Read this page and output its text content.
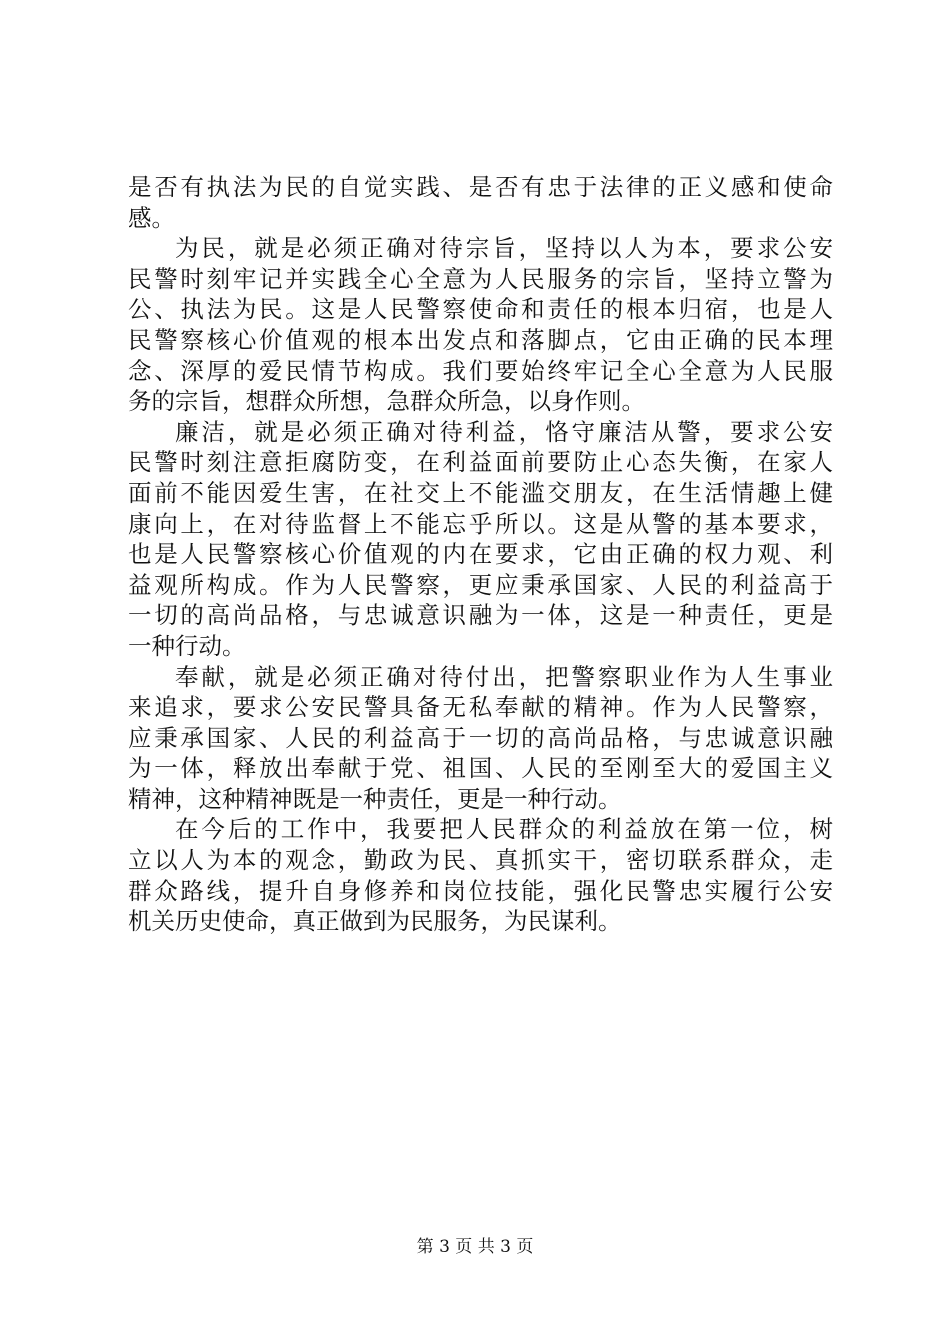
是否有执法为民的自觉实践、是否有忠于法律的正义感和使命
感。
为民，就是必须正确对待宗旨，坚持以人为本，要求公安
民警时刻牢记并实践全心全意为人民服务的宗旨，坚持立警为
公、执法为民。这是人民警察使命和责任的根本归宿，也是人
民警察核心价值观的根本出发点和落脚点，它由正确的民本理
念、深厚的爱民情节构成。我们要始终牢记全心全意为人民服
务的宗旨，想群众所想，急群众所急，以身作则。
廉洁，就是必须正确对待利益，恪守廉洁从警，要求公安
民警时刻注意拒腐防变，在利益面前要防止心态失衡，在家人
面前不能因爱生害，在社交上不能滥交朋友，在生活情趣上健
康向上，在对待监督上不能忘乎所以。这是从警的基本要求，
也是人民警察核心价值观的内在要求，它由正确的权力观、利
益观所构成。作为人民警察，更应秉承国家、人民的利益高于
一切的高尚品格，与忠诚意识融为一体，这是一种责任，更是
一种行动。
奉献，就是必须正确对待付出，把警察职业作为人生事业
来追求，要求公安民警具备无私奉献的精神。作为人民警察，
应秉承国家、人民的利益高于一切的高尚品格，与忠诚意识融
为一体，释放出奉献于党、祖国、人民的至刚至大的爱国主义
精神，这种精神既是一种责任，更是一种行动。
在今后的工作中，我要把人民群众的利益放在第一位，树
立以人为本的观念，勤政为民、真抓实干，密切联系群众，走
群众路线，提升自身修养和岗位技能，强化民警忠实履行公安
机关历史使命，真正做到为民服务，为民谋利。
第 3 页 共 3 页
